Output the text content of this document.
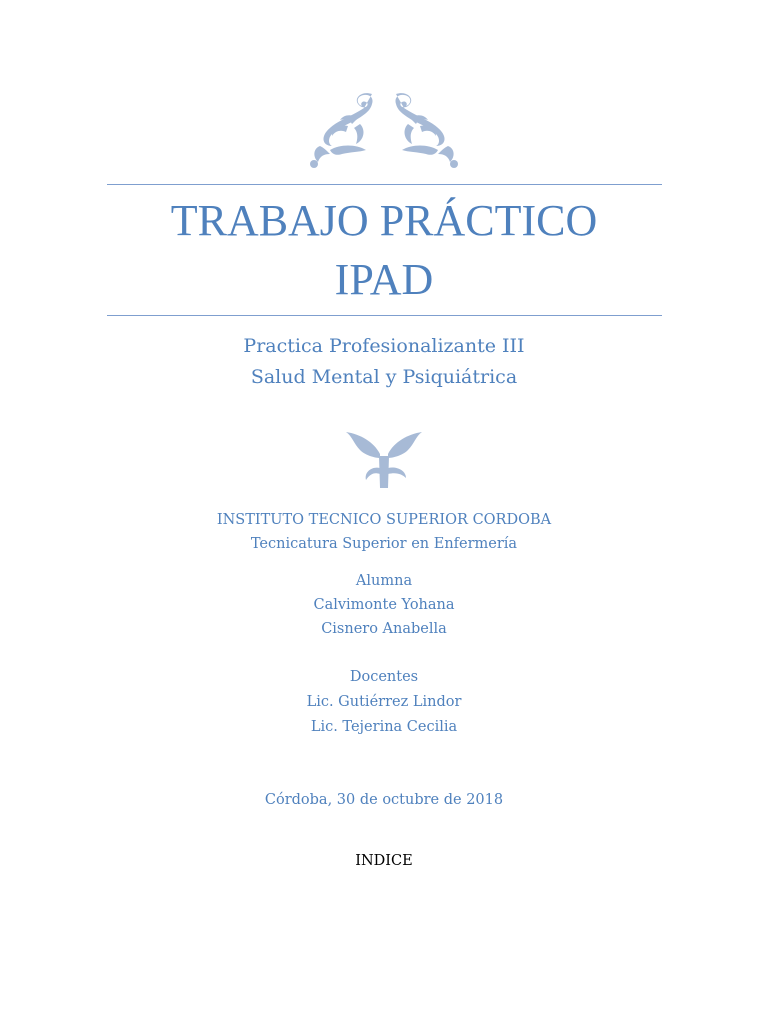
TRABAJO PRÁCTICO
IPAD
Practica Profesionalizante III
Salud Mental y Psiquiátrica
INSTITUTO TECNICO SUPERIOR CORDOBA
Tecnicatura Superior en Enfermería
Alumna
Calvimonte Yohana
Cisnero Anabella
Docentes
Lic. Gutiérrez Lindor
Lic. Tejerina Cecilia
Córdoba, 30 de octubre de 2018
INDICE
